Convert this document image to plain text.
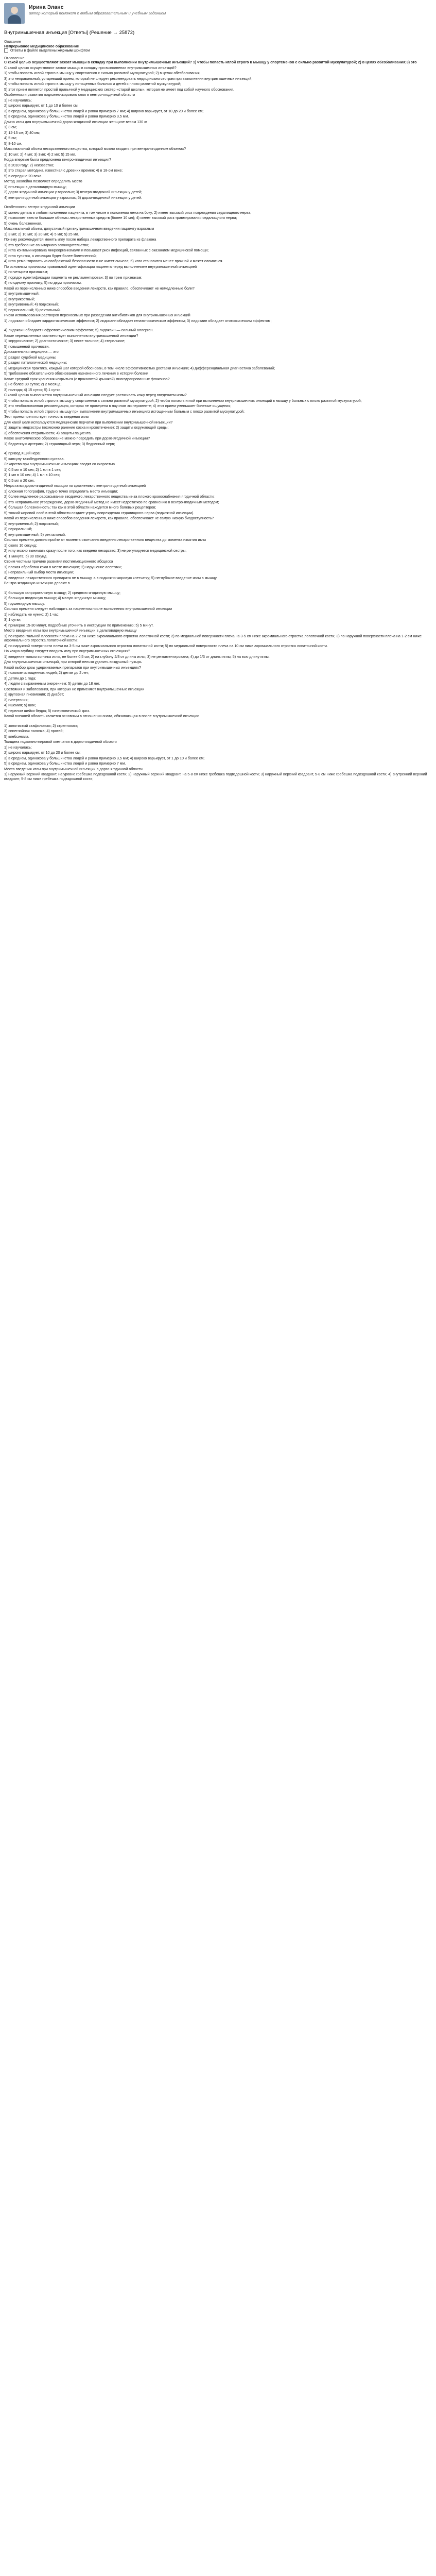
Ирина Эланс
автор который поможет с любым образовательным и учебным заданием
Внутримышечная инъекция [Ответы] (Решение → 25872)
Описание
Непрерывное медицинское образование
Ответы в файле выделены жирным шрифтом
Оглавление

С какой целью осуществляют захват мышцы в складку при выполнении внутримышечных инъекций? 1) чтобы попасть иглой строго в мышцу у спортсменов с сильно развитой мускулатурой; 2) в целях обезболивания;3) это

С какой целью осуществляют захват мышцы в складку при выполнении внутримышечных инъекций?

1) чтобы попасть иглой строго в мышцу у спортсменов с сильно развитой мускулатурой; 2) в целях обезболивания;

3) это неправильный, устаревший прием, который не следует рекомендовать медицинским сестрам при выполнении внутримышечных инъекций;

4) чтобы попасть иглой строго в мышцу у истощенных больных и детей с плохо развитой мускулатурой;

5) этот прием является простой привычкой у медицинских сестер «старой школы», которая не имеет под собой научного обоснования.

Особенности развития подкожно-жирового слоя в вентро-ягодичной области

1) не изучались;

2) широко варьирует, от 1 до 10 и более см;

3) в среднем, одинакова у большинства людей и равна примерно 7 мм; 4) широко варьирует, от 10 до 20 и более см;

5) в среднем, одинакова у большинства людей и равна примерно 3,5 мм.

Длина иглы для внутримышечной дорзо-ягодичной инъекции женщине весом 130 кг

1) 3 см;

2) 12-15 см; 3) 40 мм;

4) 5 см;

5) 8-10 см.

Максимальный объем лекарственного вещества, который можно вводить при вентро-ягодичном объемах?

1) 10 мл; 2) 4 мл; 3) 3мл; 4) 2 мл; 5) 15 мл.

Когда впервые была предложена вентро-ягодичная инъекция?

1) в 2010 году; 2) неизвестно;

3) это старая методика, известная с древних времен; 4) в 18-ом веке;

5) в середине 20-века.

Метод Захлейна позволяет определить место

1) инъекции в дельтовидную мышцу;

2) дорзо-ягодичной инъекции у взрослых; 3) вентро-ягодичной инъекции у детей;

4) вентро-ягодичной инъекции у взрослых; 5) дорзо-ягодичной инъекции у детей.

Особенности вентро-ягодичной инъекции

1) можно делать в любом положении пациента, в том числе в положении лежа на боку; 2) имеет высокий риск повреждения седалищного нерва;

3) позволяет ввести большие объемы лекарственных средств (более 10 мл); 4) имеет высокий риск травмирования седалищного нерва;

5) очень болезненная.

Максимальный объем, допустимый при внутримышечном введении пациенту взрослым

1) 3 мл; 2) 10 мл; 3) 20 мл; 4) 5 мл; 5) 25 мл.

Почему рекомендуется менять иглу после набора лекарственного препарата из флакона

1) это требование санитарного законодательства;

2) игла контаминирована микроорганизмами и повышает риск инфекций, связанных с оказанием медицинской помощи;

3) игла тупится, а инъекция будет более болезненной;

4) игла ремонтировать из соображений безопасности и не имеет смысла; 5) игла становится менее прочной и может сломаться.

По основным признакам правильной идентификации пациента перед выполнением внутримышечной инъекцией

1) по четырем признакам;

2) порядок идентификации пациента не регламентирован; 3) по трем признакам;

4) по одному признаку; 5) по двум признакам.

Какой из перечисленных ниже способов введения лекарств, как правило, обеспечивает не немедленные боли?

1) внутримышечный;

2) внутрикостный;

3) внутривенный; 4) подкожный;

5) периональный; 5) ректальный.

Риски использования растворов переносимых при разведении антибиотиков для внутримышечных инъекций

1) лидокаин обладает кардиотоксическим эффектом; 2) лидокаин обладает гепатотоксическим эффектом; 3) лидокаин обладает ототоксическим эффектом;

4) лидокаин обладает нефротоксическим эффектом; 5) лидокаин — сильный аллерген.

Какие перечисленных соответствует выполнению внутримышечной инъекции?

1) хирургическое; 2) диагностическое; 3) несте тильное; 4) стерильное;

5) повышенной прочности.

Доказательная медицина — это

1) раздел судебной медицины;

2) раздел паталогической медицины;

3) медицинская практика, каждый шаг которой обоснован, в том числе эффективностью доставки инъекции; 4) дифференциальная диагностика заболеваний;

5) требование обязательного обоснования назначенного лечения в истории болезни

Какие средний срок хранения искрыться (с прокалотой крышкой) многодозированных флаконов?

1) не более 30 суток; 2) 2 месяца;

3) полгода; 4) 15 суток; 5) 1 сутки.

С какой целью выполняется внутримышечный инъекции следует растягивать кожу перед введением иглы?

1) чтобы попасть иглой строго в мышцу у спортсменов с сильно развитой мускулатурой, 2) чтобы попасть иглой при выполнении внутримышечных инъекций в мышцу у больных с плохо развитой мускулатурой;

3) это необоснованная рекомендация, которая не проверена в научном эксперименте; 4) этот прием уменьшает болевые ощущения;

5) чтобы попасть иглой строго в мышцу при выполнении внутримышечных инъекциях истощенным больным с плохо развитой мускулатурой;

Этот прием препятствует точность введения иглы

Для какой цели используются медицинские перчатки при выполнении внутримышечной инъекции?

1) защиты медсестры (возможно ранение соска и кровотечение); 2) защиты окружающей среды;

3) обеспечения стерильности; 4) защиты пациента.

Какое анатомическое образование можно повредить при дорзо-ягодичной инъекции?

1) бедренную артерию; 2) седалищный нерв; 3) бедренный нерв;

4) привод ящий нерв;

5) капсулу тазобедренного сустава.

Лекарство при внутримышечных инъекциях вводят со скоростью

1) 0,5 мл в 10 сек; 2) 1 мл в 1 сек;

3) 1 мл в 10 сек; 4) 1 мл в 10 сек;

5) 0,5 мл в 20 сек.

Недостатки дорзо-ягодичной позиции по сравнению с вентро-ягодичной инъекцией

1) сложная топография, трудно точно определить место инъекции;

2) более медленное рассасывание вводимого лекарственного вещества из-за плохого кровоснабжения ягодичной области;

3) это неправильное утверждение, дорзо-ягодичный метод не имеет недостатков по сравнению в вентро-ягодичным методом;

4) большая болезненность; так как в этой области находится много болевых рецепторов;

5) тонкий жировой слой в этой области создает угрозу повреждения седалищного нерва (подкожной инъекции).

Какой из перечисленных ниже способов введения лекарств, как правило, обеспечивает не самую низкую биодоступность?

1) внутривенный; 2) подкожный;

3) пероральный;

4) внутримышечный; 5) ректальный.

Сколько времени должно пройти от момента окончания введения лекарственного вещества до момента изъятия иглы

1) около 10 секунд;

2) иглу можно вынимать сразу после того, как введено лекарство; 3) не регулируется медицинской сестры;

4) 1 минута; 5) 30 секунд.

Своим честным причине развития постинъекционного абсцесса

1) плохая обработка кожи в месте инъекции; 2) нарушение асептики;

3) неправильный выбор места инъекции;

4) введение лекарственного препарата не в мышцу, а в подкожно-жировую клетчатку; 5) неглубокое введение иглы в мышцу.

Вентро-ягодичную инъекцию делают в

1) большую заприрательную мышцу; 2) среднюю ягодичную мышцу;

3) большую ягодичную мышцу; 4) малую ягодичную мышцу;

5) грушевидную мышцу.

Сколько времени следует наблюдать за пациентом после выполнения внутримышечной инъекции

1) наблюдать не нужно; 2) 1 час;

3) 1 сутки;

4) примерно 15-30 минут, подробные уточнить в инструкции по применению; 5) 5 минут.

Место введения иглы при внутримышечной инъекции в дельтовидную мышцу

1) по горизонтальной плоскости плеча на 2-2 см ниже акромиального отростка лопаточной кости; 2) по медиальной поверхности плеча на 3-5 см ниже акромиального отростка лопаточной кости; 3) по наружной поверхности плеча на 1-2 см ниже акромиального отростка лопаточной кости;

4) по наружной поверхности плеча на 3-5 см ниже акромиального отростка лопаточной кости; 5) по медиальной поверхности плеча на 10 см ниже акромиального отростка лопаточной кости.

На какую глубину следует вводить иглу при внутримышечных инъекциях?

1) введение только копчика иглы, не более 0,5 см; 2) на глубину 2/3 от длины иглы; 3) не регламентирована; 4) до 1/3 от длины иглы; 5) на всю длину иглы.

Для внутримышечных инъекций, при которой нельзя удалить воздушный пузырь

Какой выбор дозы удерживаемых препаратов при внутримышечных инъекциях?

1) похожие истощенных людей; 2) детям до 2 лет;

3) детям до 1 года;

4) людям с выраженным ожирением; 5) детям до 18 лет.

Состояния и заболевания, при которых не применяют внутримышечные инъекции

1) крупозная пневмония; 2) диабет;

3) гипертония;

4) ишемия; 5) шок;

6) перелом шейки бедра; 5) гипертонический криз.

Какой внешней область является основным в отношении оната, обязавающая в после внутримышечной инъекции

1) золотистый стафилококк; 2) стрептококк;

3) синегнойная палочка; 4) протей;

5) клебсиелла.

Толщина подкожно-жировой клетчатки в дорзо-ягодичной области

1) не изучалась;

2) широко варьирует, от 10 до 20 и более см;

3) в среднем, одинакова у большинства людей и равна примерно 3,5 мм; 4) широко варьирует, от 1 до 10 и более см;

5) в среднем, одинакова у большинства людей и равна примерно 7 мм.

Места введения иглы при внутримышечной инъекции в дорзо-ягодичной области

1) наружный верхний квадрант, на уровне гребешка подвздошной кости; 2) наружный верхний квадрант, на 5-8 см ниже гребешка подвздошной кости; 3) наружный верхний квадрант, 5-8 см ниже гребешка подвздошной кости; 4) внутренний верхний квадрант, 5-8 см ниже гребешка подвздошной кости;
